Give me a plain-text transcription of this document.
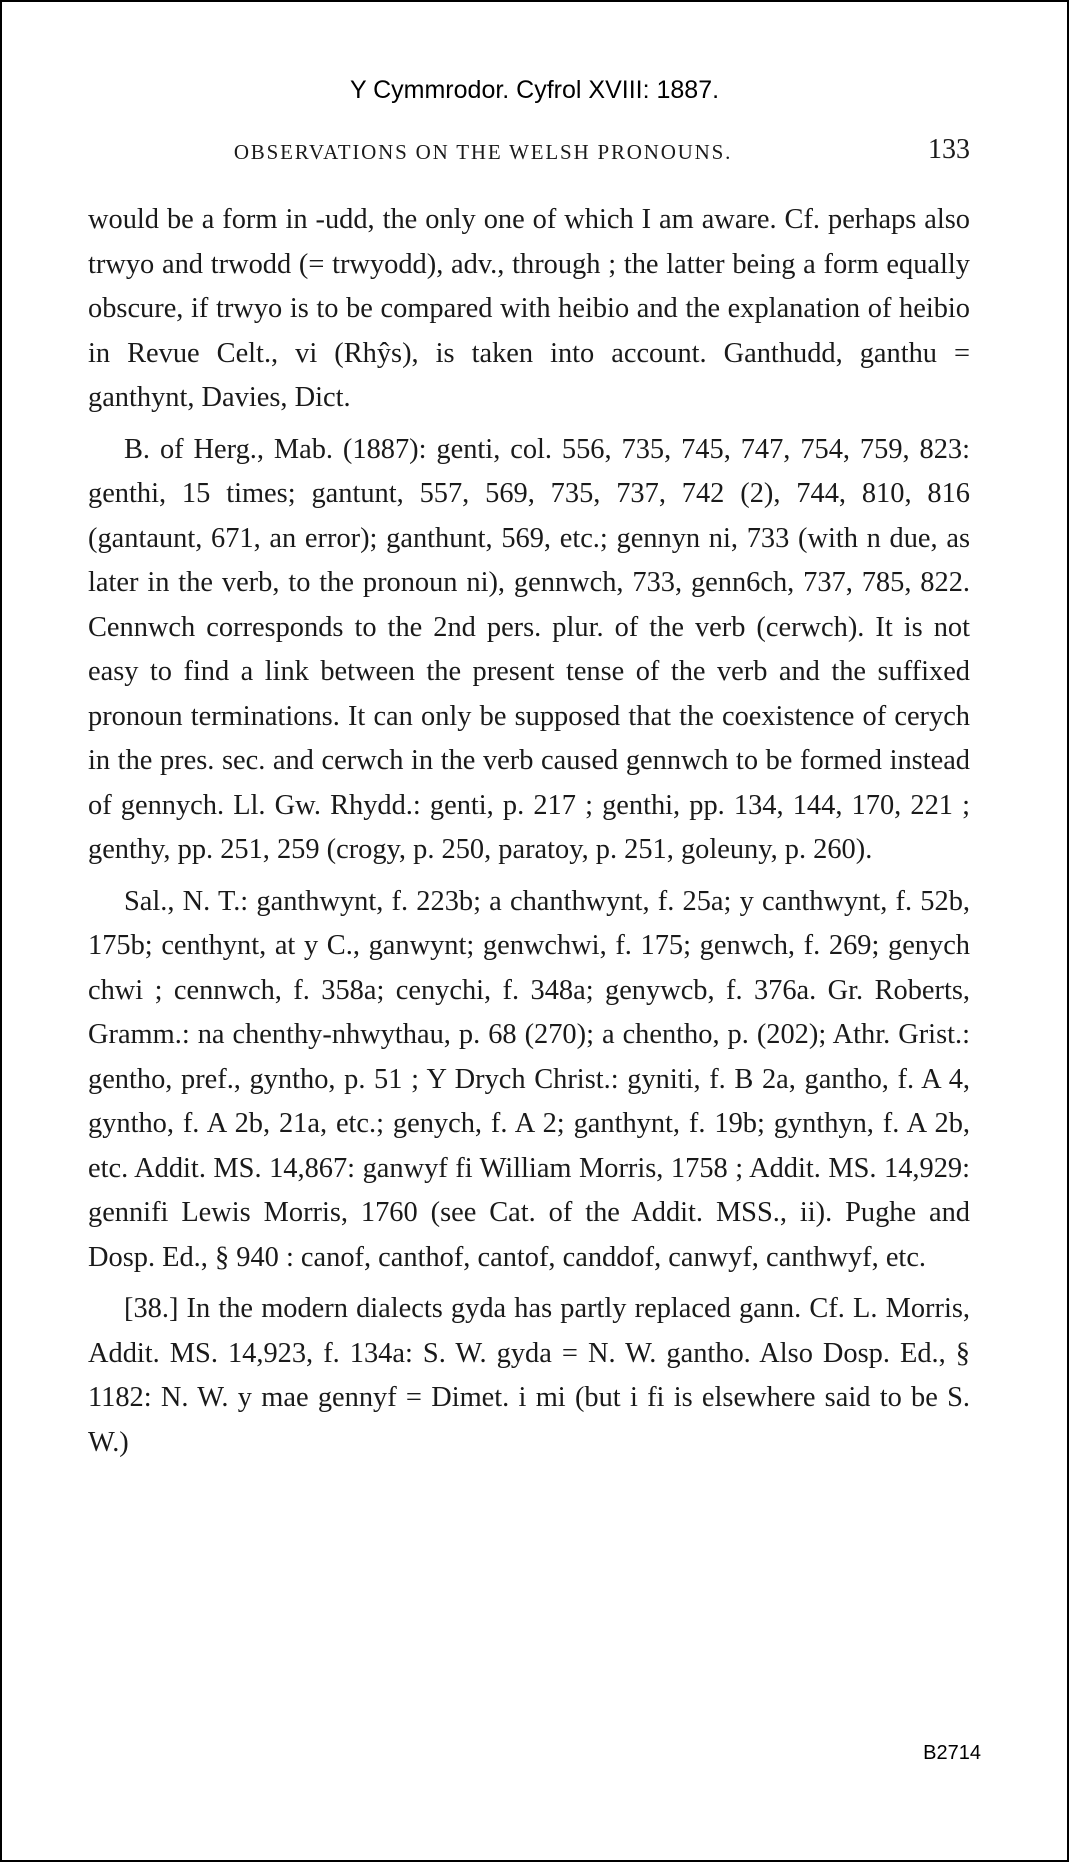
Y Cymmrodor. Cyfrol XVIII: 1887.
OBSERVATIONS ON THE WELSH PRONOUNS.	133

would be a form in -udd, the only one of which I am aware. Cf. perhaps also trwyo and trwodd (= trwyodd), adv., through ; the latter being a form equally obscure, if trwyo is to be compared with heibio and the explanation of heibio in Revue Celt., vi (Rhŷs), is taken into account. Ganthudd, ganthu = ganthynt, Davies, Dict.

B. of Herg., Mab. (1887): genti, col. 556, 735, 745, 747, 754, 759, 823: genthi, 15 times; gantunt, 557, 569, 735, 737, 742 (2), 744, 810, 816 (gantaunt, 671, an error); ganthunt, 569, etc.; gennyn ni, 733 (with n due, as later in the verb, to the pronoun ni), gennwch, 733, genn6ch, 737, 785, 822. Cennwch corresponds to the 2nd pers. plur. of the verb (cerwch). It is not easy to find a link between the present tense of the verb and the suffixed pronoun terminations. It can only be supposed that the coexistence of cerych in the pres. sec. and cerwch in the verb caused gennwch to be formed instead of gennych. Ll. Gw. Rhydd.: genti, p. 217 ; genthi, pp. 134, 144, 170, 221 ; genthy, pp. 251, 259 (crogy, p. 250, paratoy, p. 251, goleuny, p. 260).

Sal., N. T.: ganthwynt, f. 223b; a chanthwynt, f. 25a; y canthwynt, f. 52b, 175b; centhynt, at y C., ganwynt; genwchwi, f. 175; genwch, f. 269; genych chwi ; cennwch, f. 358a; cenychi, f. 348a; genywcb, f. 376a. Gr. Roberts, Gramm.: na chenthy-nhwythau, p. 68 (270); a chentho, p. (202); Athr. Grist.: gentho, pref., gyntho, p. 51 ; Y Drych Christ.: gyniti, f. B 2a, gantho, f. A 4, gyntho, f. A 2b, 21a, etc.; genych, f. A 2; ganthynt, f. 19b; gynthyn, f. A 2b, etc. Addit. MS. 14,867: ganwyf fi William Morris, 1758 ; Addit. MS. 14,929: gennifi Lewis Morris, 1760 (see Cat. of the Addit. MSS., ii). Pughe and Dosp. Ed., § 940 : canof, canthof, cantof, canddof, canwyf, canthwyf, etc.

[38.] In the modern dialects gyda has partly replaced gann. Cf. L. Morris, Addit. MS. 14,923, f. 134a: S. W. gyda = N. W. gantho. Also Dosp. Ed., § 1182: N. W. y mae gennyf = Dimet. i mi (but i fi is elsewhere said to be S. W.)

B2714
